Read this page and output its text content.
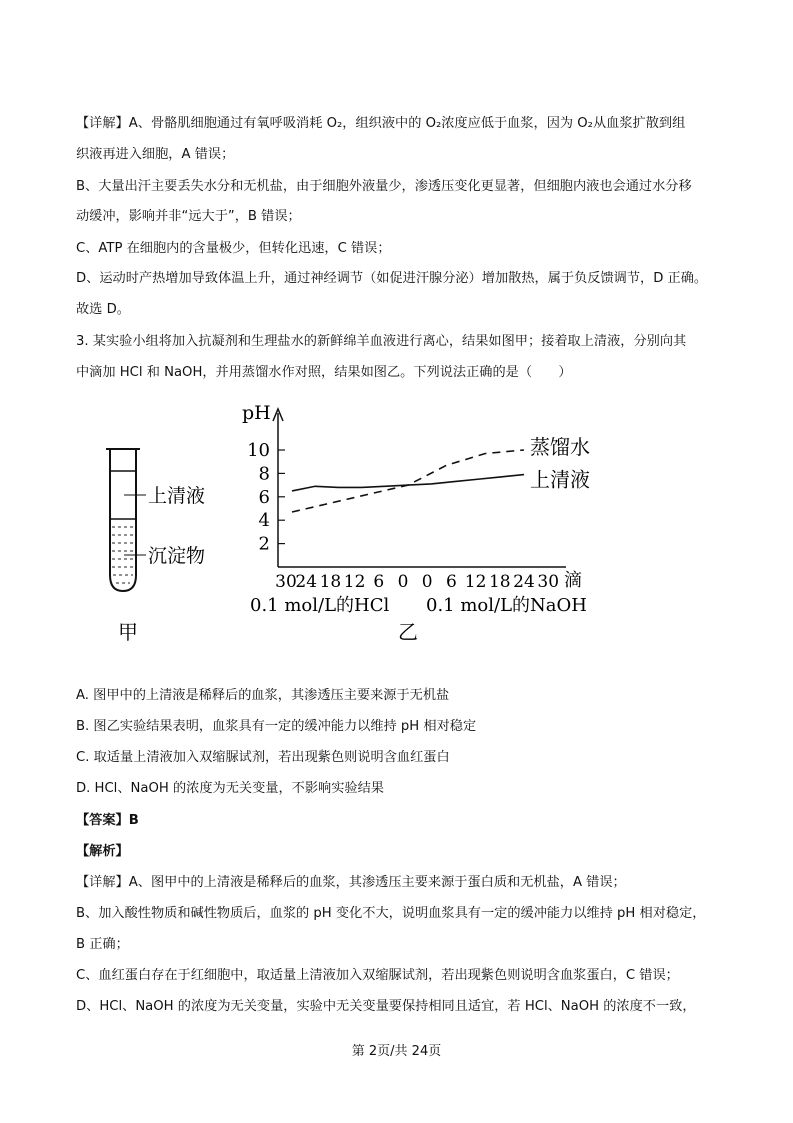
【详解】A、骨骼肌细胞通过有氧呼吸消耗 O₂，组织液中的 O₂浓度应低于血浆，因为 O₂从血浆扩散到组
织液再进入细胞，A 错误；
B、大量出汗主要丢失水分和无机盐，由于细胞外液量少，渗透压变化更显著，但细胞内液也会通过水分移
动缓冲，影响并非“远大于”，B 错误；
C、ATP 在细胞内的含量极少，但转化迅速，C 错误；
D、运动时产热增加导致体温上升，通过神经调节（如促进汗腺分泌）增加散热，属于负反馈调节，D 正确。
故选 D。
3. 某实验小组将加入抗凝剂和生理盐水的新鲜绵羊血液进行离心，结果如图甲；接着取上清液，分别向其
中滴加 HCl 和 NaOH，并用蒸馏水作对照，结果如图乙。下列说法正确的是（　　）
上清液
沉淀物
甲
pH
滴
0.1 mol/L的HCl 0.1 mol/L的NaOH
乙
2
4
6
8
10
30
24 18 12 6 0 0 6 12 18 24 30
蒸馏水
上清液
A. 图甲中的上清液是稀释后的血浆，其渗透压主要来源于无机盐
B. 图乙实验结果表明，血浆具有一定的缓冲能力以维持 pH 相对稳定
C. 取适量上清液加入双缩脲试剂，若出现紫色则说明含血红蛋白
D. HCl、NaOH 的浓度为无关变量，不影响实验结果
【答案】B
【解析】
【详解】A、图甲中的上清液是稀释后的血浆，其渗透压主要来源于蛋白质和无机盐，A 错误；
B、加入酸性物质和碱性物质后，血浆的 pH 变化不大，说明血浆具有一定的缓冲能力以维持 pH 相对稳定，
B 正确；
C、血红蛋白存在于红细胞中，取适量上清液加入双缩脲试剂，若出现紫色则说明含血浆蛋白，C 错误；
D、HCl、NaOH 的浓度为无关变量，实验中无关变量要保持相同且适宜，若 HCl、NaOH 的浓度不一致，
第 2页/共 24页
